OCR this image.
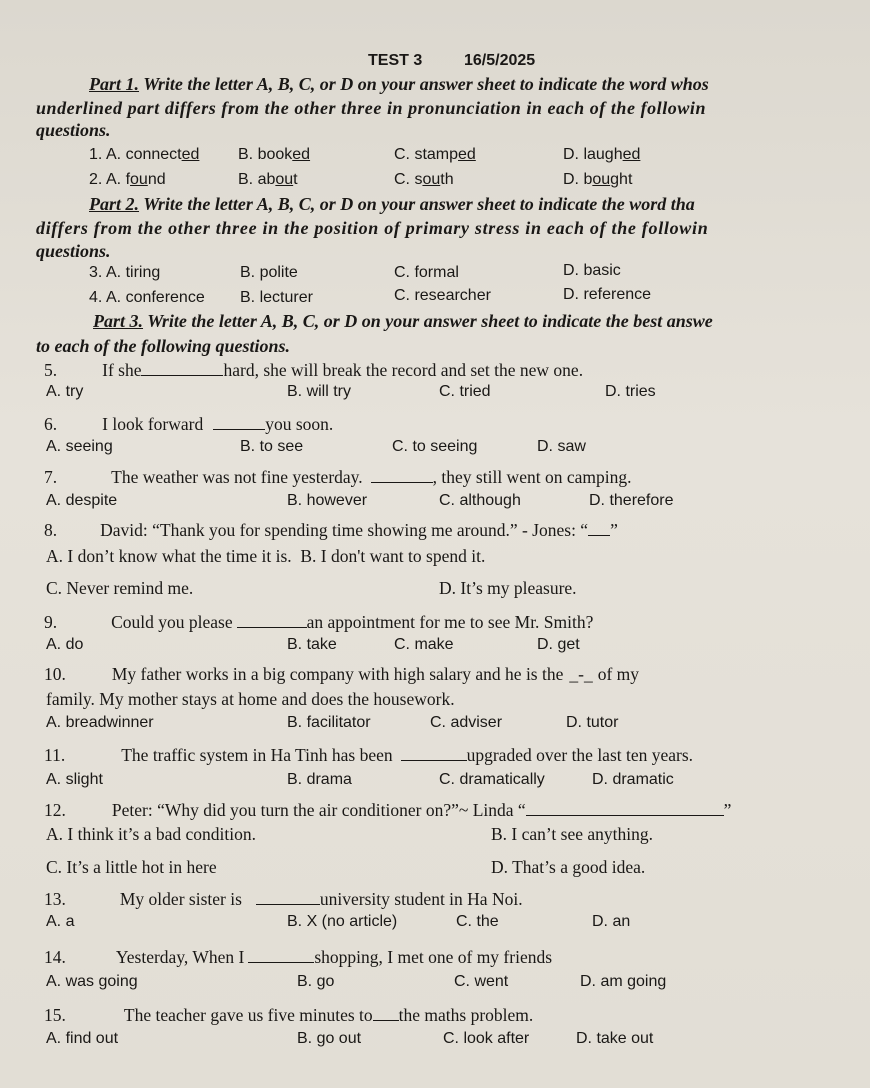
TEST 3	16/5/2025
Part 1. Write the letter A, B, C, or D on your answer sheet to indicate the word whos
underlined part differs from the other three in pronunciation in each of the followin
questions.
1. A. connected B. booked	C. stamped	D. laughed
2. A. found	B. about	C. south	D. bought
Part 2. Write the letter A, B, C, or D on your answer sheet to indicate the word tha
differs from the other three in the position of primary stress in each of the followin
questions.
3. A. tiring	B. polite	C. formal	D. basic
4. A. conference B. lecturer	C. researcher	D. reference
Part 3. Write the letter A, B, C, or D on your answer sheet to indicate the best answe
to each of the following questions.
5.	If she	hard, she will break the record and set the new one.
A. try	B. will try	C. tried	D. tries
6.	I look forward	you soon.
A. seeing	B. to see	C. to seeing	D. saw
7.	The weather was not fine yesterday.	, they still went on camping.
A. despite	B. however	C. although	D. therefore
8. David: “Thank you for spending time showing me around.” - Jones: “ ”
A. I don’t know what the time it is. B. I don't want to spend it.
C. Never remind me.	D. It’s my pleasure.
9.	Could you please	an appointment for me to see Mr. Smith?
A. do	B. take	C. make	D. get
10.	My father works in a big company with high salary and he is the _-_ of my
family. My mother stays at home and does the housework.
A. breadwinner	B. facilitator	C. adviser	D. tutor
11.	The traffic system in Ha Tinh has been	upgraded over the last ten years.
A. slight	B. drama	C. dramatically	D. dramatic
12.	Peter: “Why did you turn the air conditioner on?”~ Linda “	”
A. I think it’s a bad condition.	B. I can’t see anything.
C. It’s a little hot in here	D. That’s a good idea.
13.	My older sister is	university student in Ha Noi.
A. a	B. X (no article)	C. the	D. an
14.	Yesterday, When I	shopping, I met one of my friends
A. was going	B. go	C. went	D. am going
15.	The teacher gave us five minutes to the maths problem.
A. find out	B. go out	C. look after	D. take out
